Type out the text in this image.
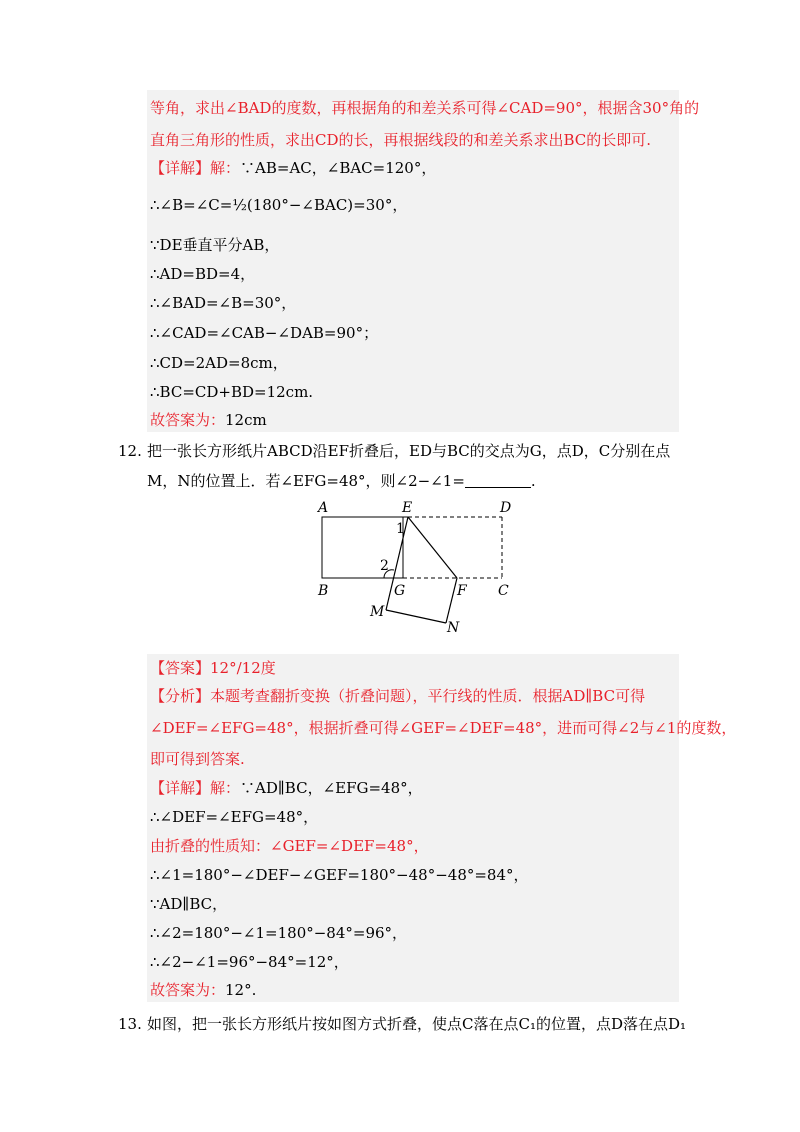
等角，求出∠BAD的度数，再根据角的和差关系可得∠CAD=90°，根据含30°角的
直角三角形的性质，求出CD的长，再根据线段的和差关系求出BC的长即可.
【详解】解：∵AB=AC，∠BAC=120°，
∴∠B=∠C=½(180°−∠BAC)=30°，
∵DE垂直平分AB，
∴AD=BD=4，
∴∠BAD=∠B=30°，
∴∠CAD=∠CAB−∠DAB=90°；
∴CD=2AD=8cm，
∴BC=CD+BD=12cm.
故答案为：12cm
12. 把一张长方形纸片ABCD沿EF折叠后，ED与BC的交点为G，点D，C分别在点
M，N的位置上．若∠EFG=48°，则∠2−∠1=	.
A	E	D
B	G	F C
M
N
1
2
【答案】12°/12度
【分析】本题考查翻折变换（折叠问题），平行线的性质．根据AD∥BC可得
∠DEF=∠EFG=48°，根据折叠可得∠GEF=∠DEF=48°，进而可得∠2与∠1的度数，
即可得到答案.
【详解】解：∵AD∥BC，∠EFG=48°，
∴∠DEF=∠EFG=48°，
由折叠的性质知：∠GEF=∠DEF=48°，
∴∠1=180°−∠DEF−∠GEF=180°−48°−48°=84°，
∵AD∥BC，
∴∠2=180°−∠1=180°−84°=96°，
∴∠2−∠1=96°−84°=12°，
故答案为：12°.
13. 如图，把一张长方形纸片按如图方式折叠，使点C落在点C₁的位置，点D落在点D₁
